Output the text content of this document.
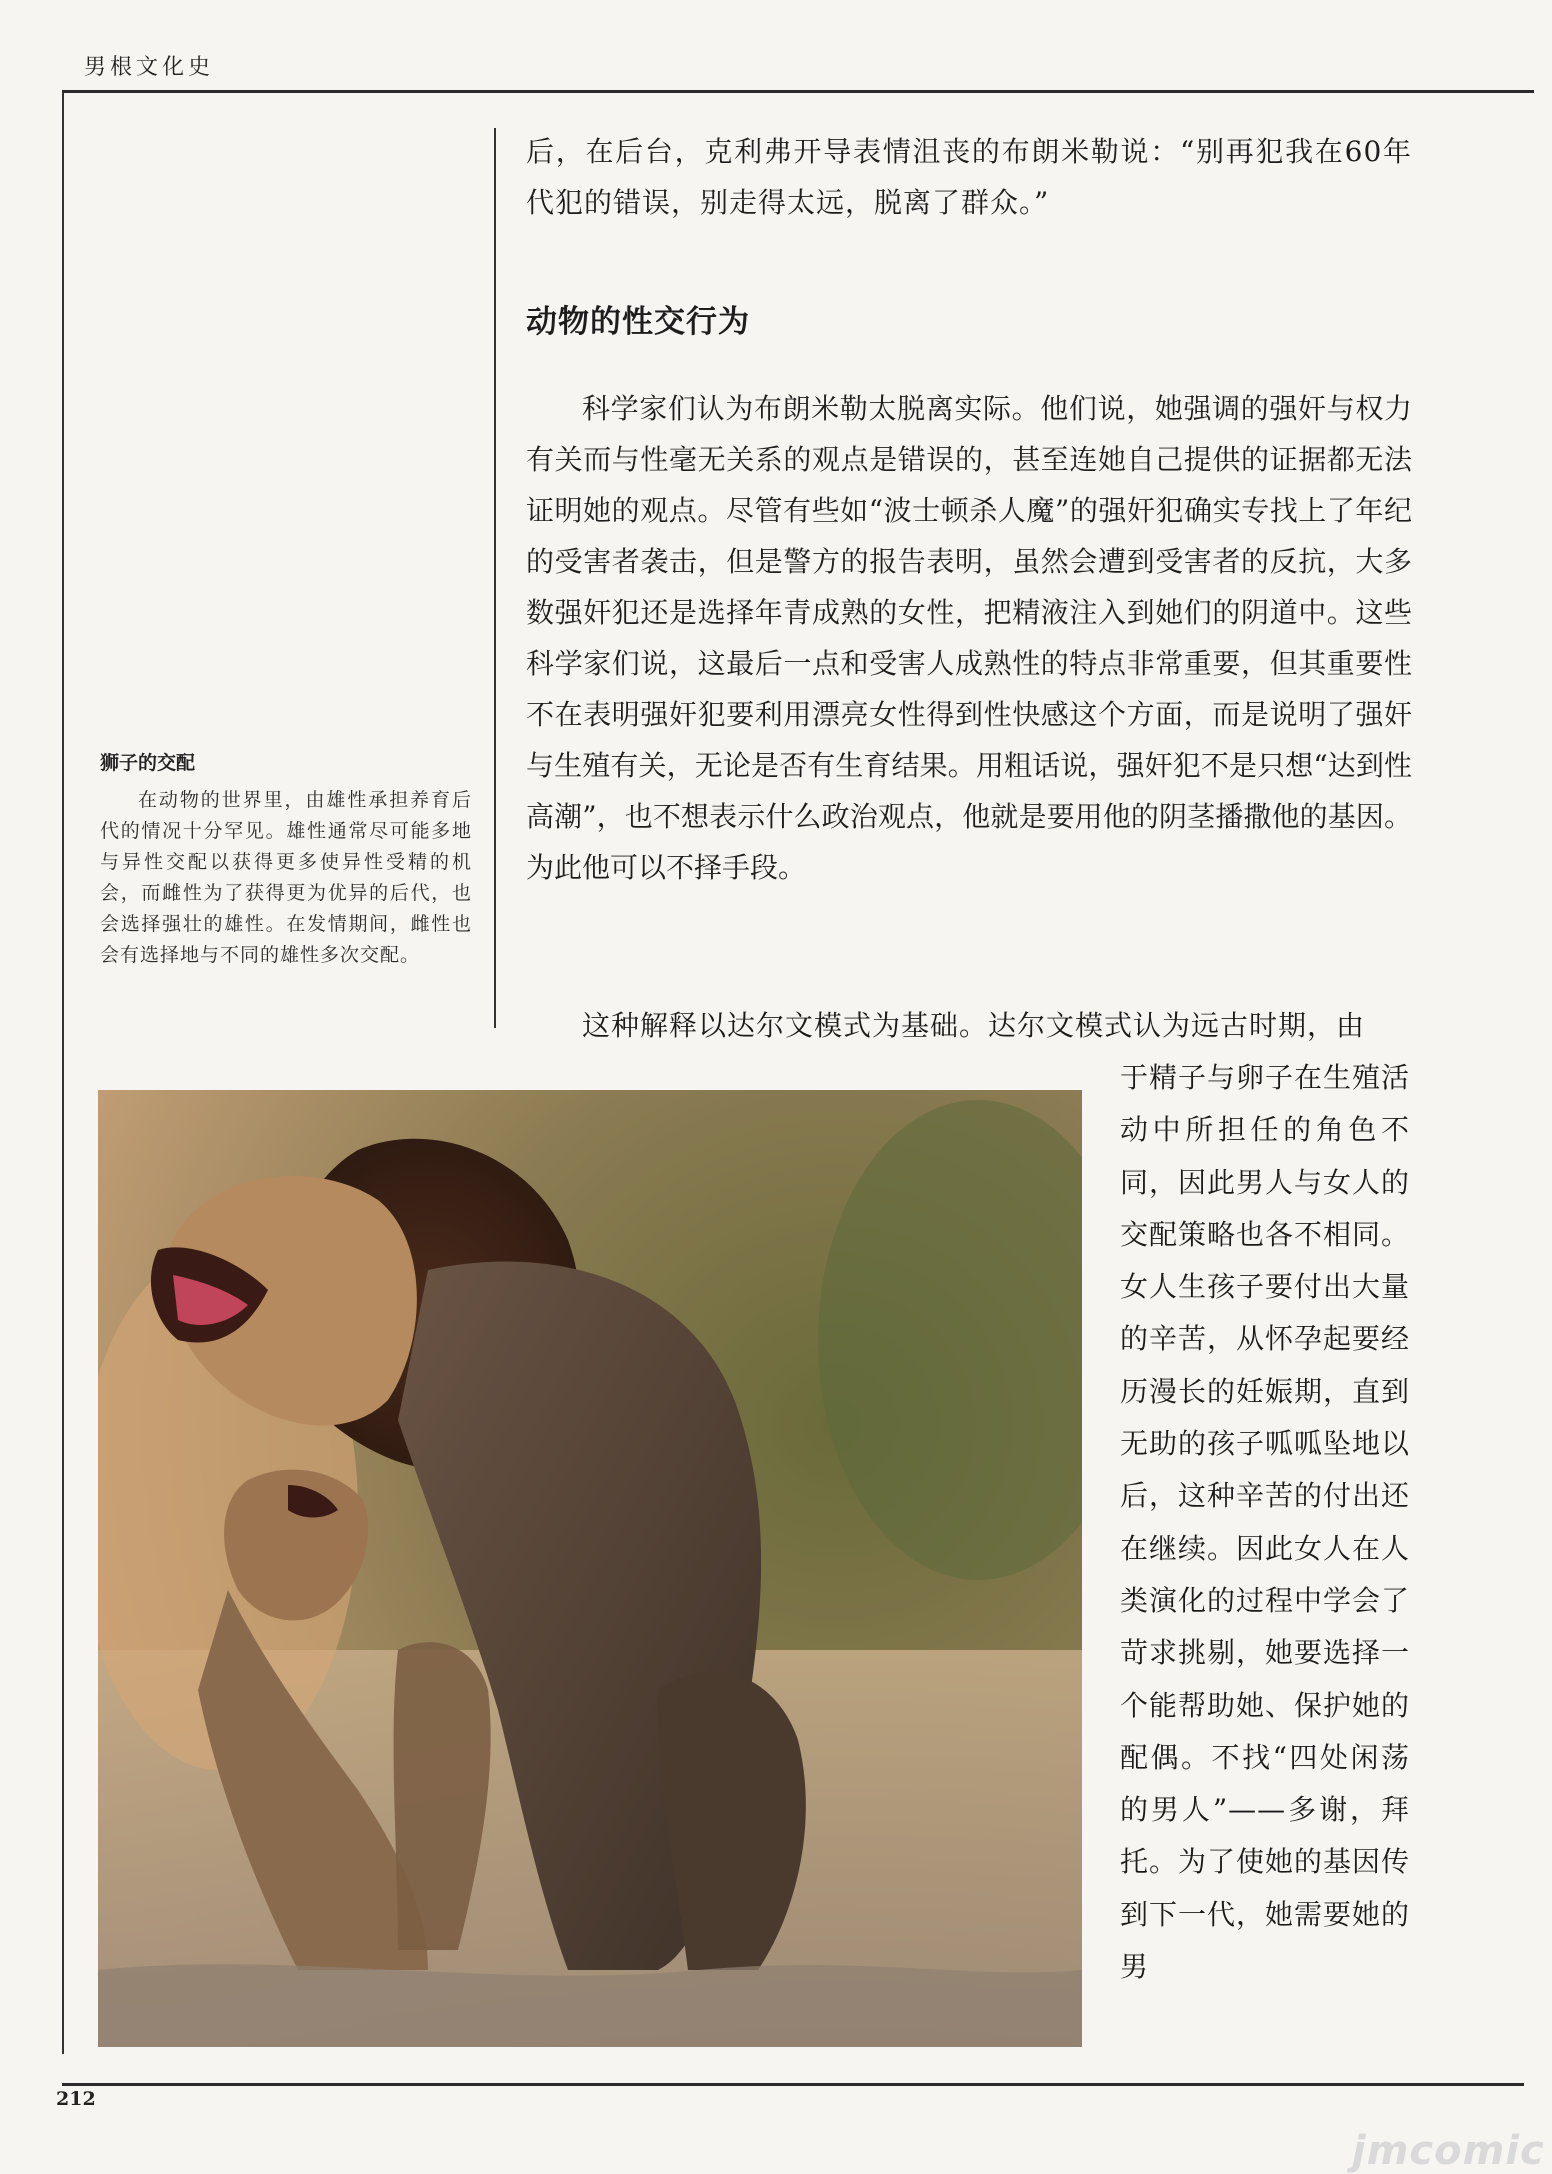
男根文化史
狮子的交配
在动物的世界里，由雄性承担养育后代的情况十分罕见。雄性通常尽可能多地与异性交配以获得更多使异性受精的机会，而雌性为了获得更为优异的后代，也会选择强壮的雄性。在发情期间，雌性也会有选择地与不同的雄性多次交配。

后，在后台，克利弗开导表情沮丧的布朗米勒说：“别再犯我在60年代犯的错误，别走得太远，脱离了群众。”

动物的性交行为

科学家们认为布朗米勒太脱离实际。他们说，她强调的强奸与权力有关而与性毫无关系的观点是错误的，甚至连她自己提供的证据都无法证明她的观点。尽管有些如“波士顿杀人魔”的强奸犯确实专找上了年纪的受害者袭击，但是警方的报告表明，虽然会遭到受害者的反抗，大多数强奸犯还是选择年青成熟的女性，把精液注入到她们的阴道中。这些科学家们说，这最后一点和受害人成熟性的特点非常重要，但其重要性不在表明强奸犯要利用漂亮女性得到性快感这个方面，而是说明了强奸与生殖有关，无论是否有生育结果。用粗话说，强奸犯不是只想“达到性高潮”，也不想表示什么政治观点，他就是要用他的阴茎播撒他的基因。为此他可以不择手段。

这种解释以达尔文模式为基础。达尔文模式认为远古时期，由

于精子与卵子在生殖活动中所担任的角色不同，因此男人与女人的交配策略也各不相同。女人生孩子要付出大量的辛苦，从怀孕起要经历漫长的妊娠期，直到无助的孩子呱呱坠地以后，这种辛苦的付出还在继续。因此女人在人类演化的过程中学会了苛求挑剔，她要选择一个能帮助她、保护她的配偶。不找“四处闲荡的男人”——多谢，拜托。为了使她的基因传到下一代，她需要她的男

212
jmcomic
